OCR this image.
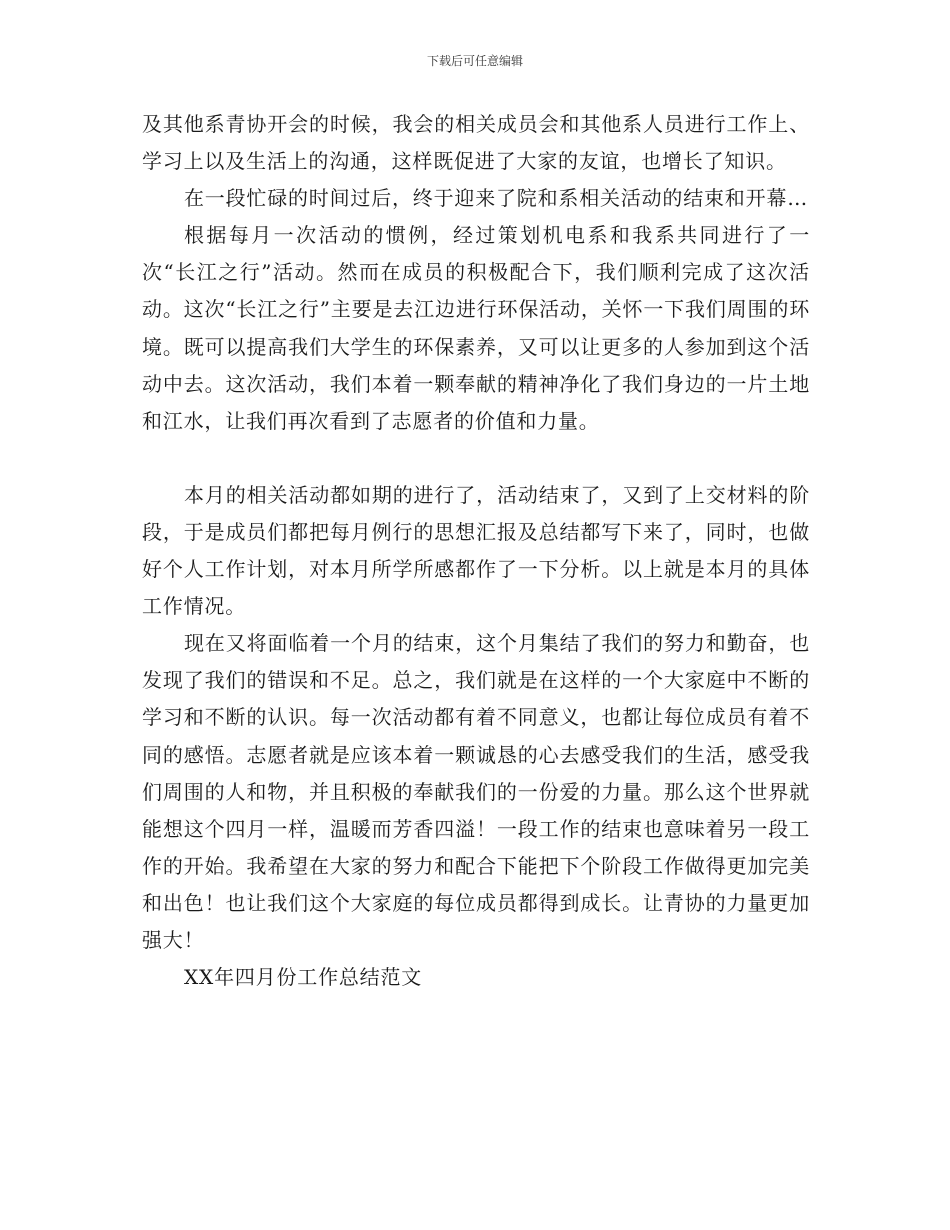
下载后可任意编辑

及其他系青协开会的时候，我会的相关成员会和其他系人员进行工作上、学习上以及生活上的沟通，这样既促进了大家的友谊，也增长了知识。

在一段忙碌的时间过后，终于迎来了院和系相关活动的结束和开幕…

根据每月一次活动的惯例，经过策划机电系和我系共同进行了一次“长江之行”活动。然而在成员的积极配合下，我们顺利完成了这次活动。这次“长江之行”主要是去江边进行环保活动，关怀一下我们周围的环境。既可以提高我们大学生的环保素养，又可以让更多的人参加到这个活动中去。这次活动，我们本着一颗奉献的精神净化了我们身边的一片土地和江水，让我们再次看到了志愿者的价值和力量。

本月的相关活动都如期的进行了，活动结束了，又到了上交材料的阶段，于是成员们都把每月例行的思想汇报及总结都写下来了，同时，也做好个人工作计划，对本月所学所感都作了一下分析。以上就是本月的具体工作情况。

现在又将面临着一个月的结束，这个月集结了我们的努力和勤奋，也发现了我们的错误和不足。总之，我们就是在这样的一个大家庭中不断的学习和不断的认识。每一次活动都有着不同意义，也都让每位成员有着不同的感悟。志愿者就是应该本着一颗诚恳的心去感受我们的生活，感受我们周围的人和物，并且积极的奉献我们的一份爱的力量。那么这个世界就能想这个四月一样，温暖而芳香四溢！一段工作的结束也意味着另一段工作的开始。我希望在大家的努力和配合下能把下个阶段工作做得更加完美和出色！也让我们这个大家庭的每位成员都得到成长。让青协的力量更加强大！

XX年四月份工作总结范文
